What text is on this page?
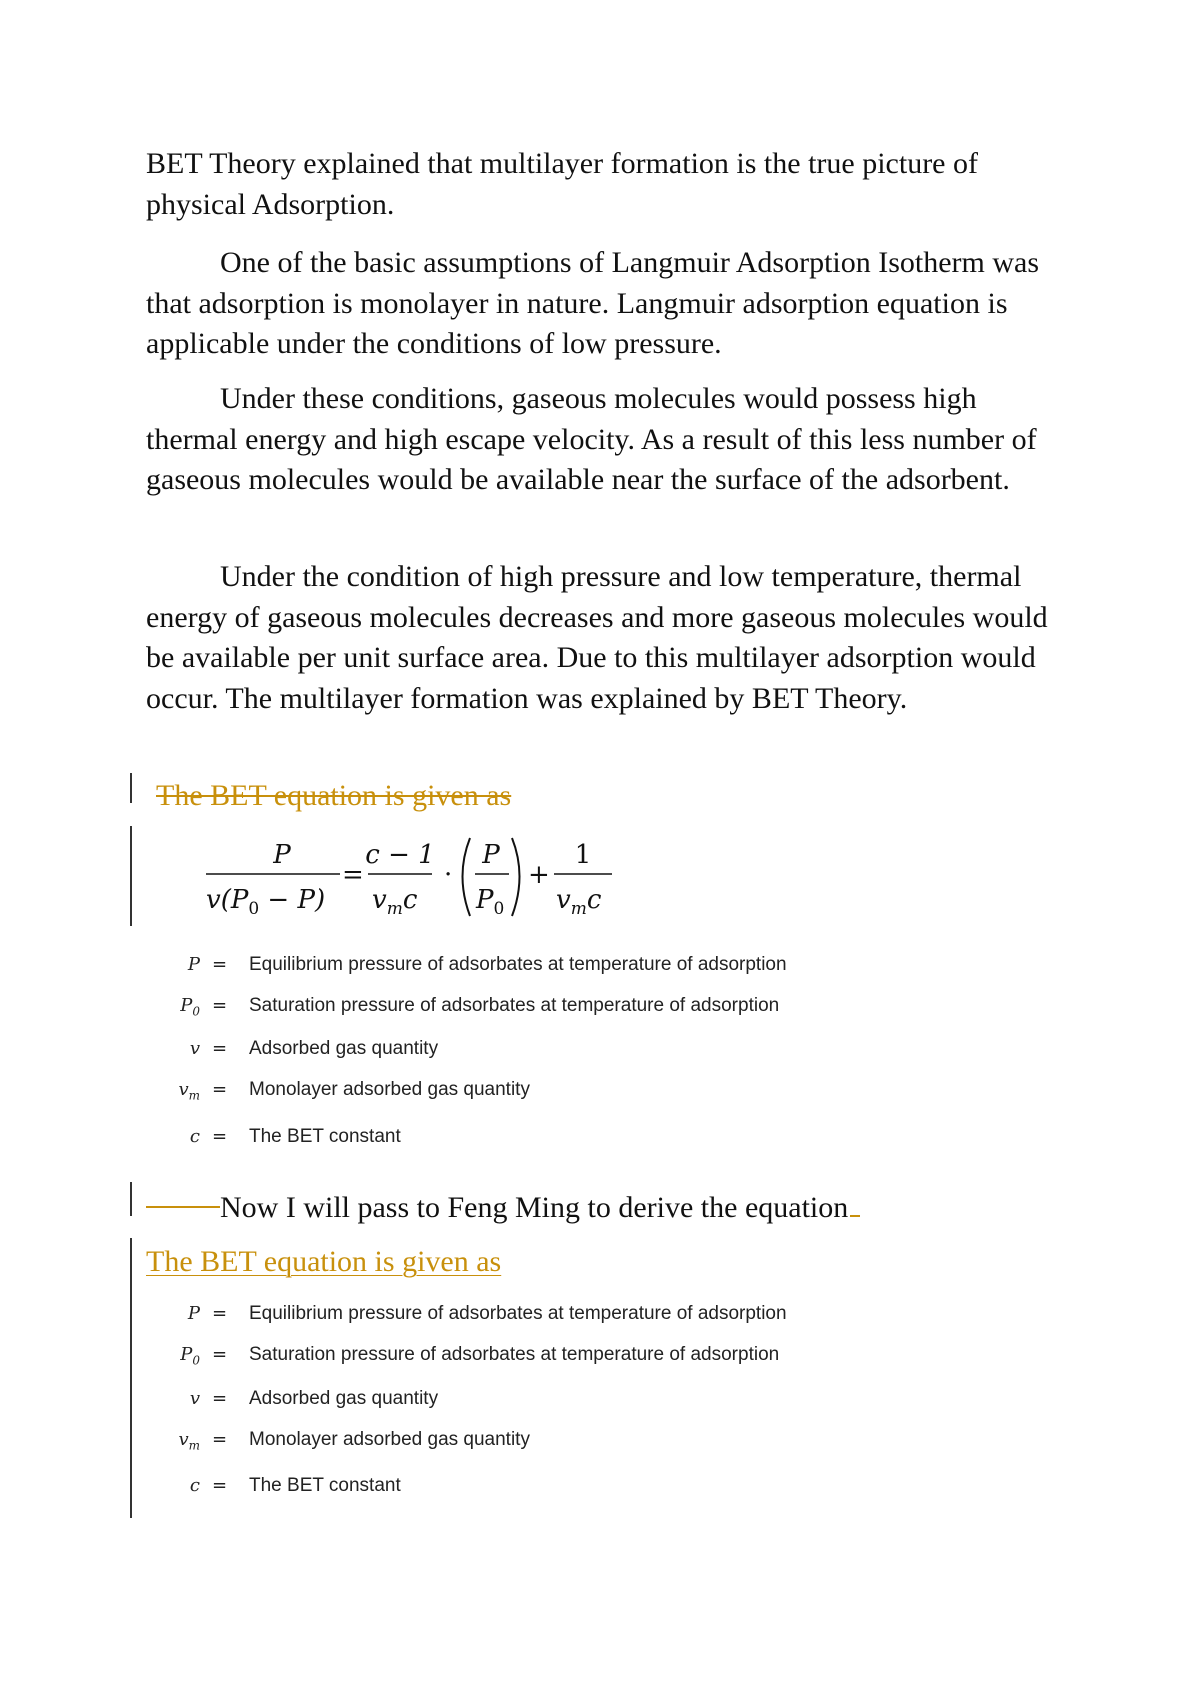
BET Theory explained that multilayer formation is the true picture of physical Adsorption.

One of the basic assumptions of Langmuir Adsorption Isotherm was that adsorption is monolayer in nature. Langmuir adsorption equation is applicable under the conditions of low pressure.

Under these conditions, gaseous molecules would possess high thermal energy and high escape velocity. As a result of this less number of gaseous molecules would be available near the surface of the adsorbent.

Under the condition of high pressure and low temperature, thermal energy of gaseous molecules decreases and more gaseous molecules would be available per unit surface area. Due to this multilayer adsorption would occur. The multilayer formation was explained by BET Theory.

The BET equation is given as
P
v(P0 − P)
=
c − 1
vmc
·
P
P0
+
1
vmc
P = Equilibrium pressure of adsorbates at temperature of adsorption
$P_0$ = Saturation pressure of adsorbates at temperature of adsorption
v = Adsorbed gas quantity
$v_m$ = Monolayer adsorbed gas quantity
c = The BET constant
Now I will pass to Feng Ming to derive the equation
The BET equation is given as
P = Equilibrium pressure of adsorbates at temperature of adsorption
$P_0$ = Saturation pressure of adsorbates at temperature of adsorption
v = Adsorbed gas quantity
$v_m$ = Monolayer adsorbed gas quantity
c = The BET constant
